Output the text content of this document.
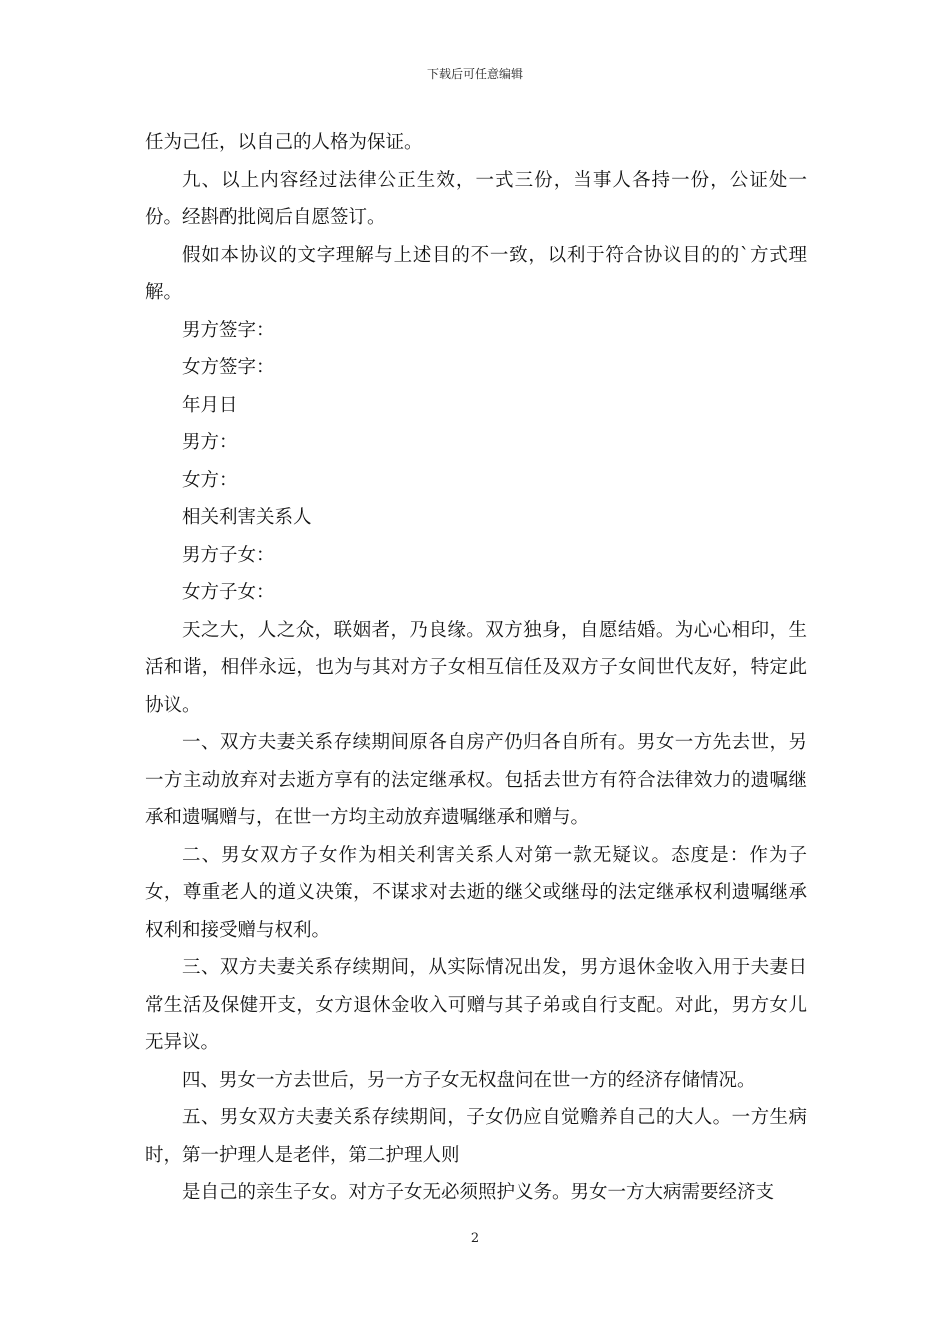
下载后可任意编辑

任为己任，以自己的人格为保证。

九、以上内容经过法律公正生效，一式三份，当事人各持一份，公证处一份。经斟酌批阅后自愿签订。

假如本协议的文字理解与上述目的不一致，以利于符合协议目的的`方式理解。

男方签字：

女方签字：

年月日

男方：

女方：

相关利害关系人

男方子女：

女方子女：

天之大，人之众，联姻者，乃良缘。双方独身，自愿结婚。为心心相印，生活和谐，相伴永远，也为与其对方子女相互信任及双方子女间世代友好，特定此协议。

一、双方夫妻关系存续期间原各自房产仍归各自所有。男女一方先去世，另一方主动放弃对去逝方享有的法定继承权。包括去世方有符合法律效力的遗嘱继承和遗嘱赠与，在世一方均主动放弃遗嘱继承和赠与。

二、男女双方子女作为相关利害关系人对第一款无疑议。态度是：作为子女，尊重老人的道义决策，不谋求对去逝的继父或继母的法定继承权利遗嘱继承权利和接受赠与权利。

三、双方夫妻关系存续期间，从实际情况出发，男方退休金收入用于夫妻日常生活及保健开支，女方退休金收入可赠与其子弟或自行支配。对此，男方女儿无异议。

四、男女一方去世后，另一方子女无权盘问在世一方的经济存储情况。

五、男女双方夫妻关系存续期间，子女仍应自觉赡养自己的大人。一方生病时，第一护理人是老伴，第二护理人则

是自己的亲生子女。对方子女无必须照护义务。男女一方大病需要经济支

2
